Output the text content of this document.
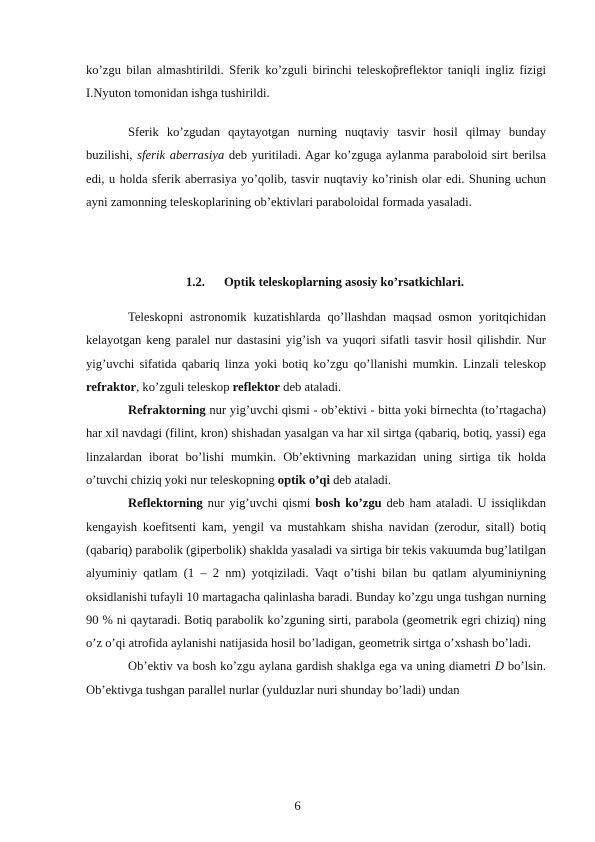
ko’zgu bilan almashtirildi. Sferik ko’zguli birinchi teleskop̃reflektor taniqli ingliz fizigi I.Nyuton tomonidan ishga tushirildi.

Sferik ko’zgudan qaytayotgan nurning nuqtaviy tasvir hosil qilmay bunday buzilishi, sferik aberrasiya deb yuritiladi. Agar ko’zguga aylanma paraboloid sirt berilsa edi, u holda sferik aberrasiya yo’qolib, tasvir nuqtaviy ko’rinish olar edi. Shuning uchun ayni zamonning teleskoplarining ob’ektivlari paraboloidal formada yasaladi.

1.2. Optik teleskoplarning asosiy ko’rsatkichlari.

Teleskopni astronomik kuzatishlarda qo’llashdan maqsad osmon yoritqichidan kelayotgan keng paralel nur dastasini yig’ish va yuqori sifatli tasvir hosil qilishdir. Nur yig’uvchi sifatida qabariq linza yoki botiq ko’zgu qo’llanishi mumkin. Linzali teleskop refraktor, ko’zguli teleskop reflektor deb ataladi.

Refraktorning nur yig’uvchi qismi - ob’ektivi - bitta yoki birnechta (to’rtagacha) har xil navdagi (filint, kron) shishadan yasalgan va har xil sirtga (qabariq, botiq, yassi) ega linzalardan iborat bo’lishi mumkin. Ob’ektivning markazidan uning sirtiga tik holda o’tuvchi chiziq yoki nur teleskopning optik o’qi deb ataladi.

Reflektorning nur yig’uvchi qismi bosh ko’zgu deb ham ataladi. U issiqlikdan kengayish koefitsenti kam, yengil va mustahkam shisha navidan (zerodur, sitall) botiq (qabariq) parabolik (giperbolik) shaklda yasaladi va sirtiga bir tekis vakuumda bug’latilgan alyuminiy qatlam (1 – 2 nm) yotqiziladi. Vaqt o’tishi bilan bu qatlam alyuminiyning oksidlanishi tufayli 10 martagacha qalinlasha baradi. Bunday ko’zgu unga tushgan nurning 90 % ni qaytaradi. Botiq parabolik ko’zguning sirti, parabola (geometrik egri chiziq) ning o’z o’qi atrofida aylanishi natijasida hosil bo’ladigan, geometrik sirtga o’xshash bo’ladi.

Ob’ektiv va bosh ko’zgu aylana gardish shaklga ega va uning diametri D bo’lsin. Ob’ektivga tushgan parallel nurlar (yulduzlar nuri shunday bo’ladi) undan

6
